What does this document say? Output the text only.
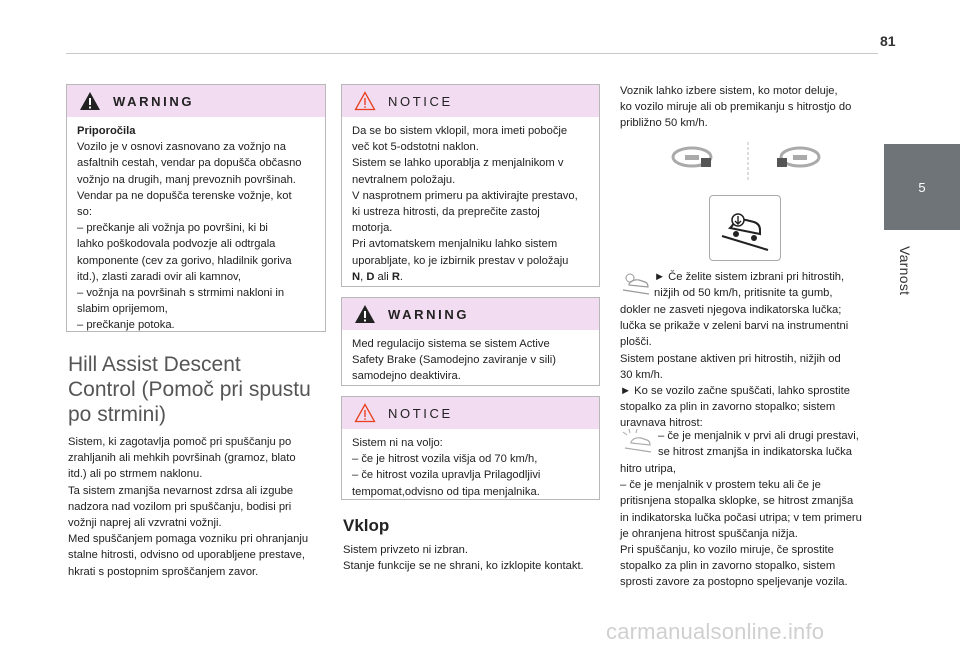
81
5
Varnost
WARNING

Priporočila

Vozilo je v osnovi zasnovano za vožnjo na

asfaltnih cestah, vendar pa dopušča občasno

vožnjo na drugih, manj prevoznih površinah.

Vendar pa ne dopušča terenske vožnje, kot

so:

– prečkanje ali vožnja po površini, ki bi

lahko poškodovala podvozje ali odtrgala

komponente (cev za gorivo, hladilnik goriva

itd.), zlasti zaradi ovir ali kamnov,

– vožnja na površinah s strmimi nakloni in

slabim oprijemom,

– prečkanje potoka.

Hill Assist Descent
Control (Pomoč pri spustu
po strmini)

Sistem, ki zagotavlja pomoč pri spuščanju po

zrahljanih ali mehkih površinah (gramoz, blato

itd.) ali po strmem naklonu.

Ta sistem zmanjša nevarnost zdrsa ali izgube

nadzora nad vozilom pri spuščanju, bodisi pri

vožnji naprej ali vzvratni vožnji.

Med spuščanjem pomaga vozniku pri ohranjanju

stalne hitrosti, odvisno od uporabljene prestave,

hkrati s postopnim sproščanjem zavor.

NOTICE

Da se bo sistem vklopil, mora imeti pobočje

več kot 5-odstotni naklon.

Sistem se lahko uporablja z menjalnikom v

nevtralnem položaju.

V nasprotnem primeru pa aktivirajte prestavo,

ki ustreza hitrosti, da preprečite zastoj

motorja.

Pri avtomatskem menjalniku lahko sistem

uporabljate, ko je izbirnik prestav v položaju

N, D ali R.

WARNING

Med regulacijo sistema se sistem Active

Safety Brake (Samodejno zaviranje v sili)

samodejno deaktivira.

NOTICE

Sistem ni na voljo:

– če je hitrost vozila višja od 70 km/h,

– če hitrost vozila upravlja Prilagodljivi

tempomat,odvisno od tipa menjalnika.

Vklop

Sistem privzeto ni izbran.

Stanje funkcije se ne shrani, ko izklopite kontakt.

Voznik lahko izbere sistem, ko motor deluje,

ko vozilo miruje ali ob premikanju s hitrostjo do

približno 50 km/h.

► Če želite sistem izbrani pri hitrostih,

nižjih od 50 km/h, pritisnite ta gumb,

dokler ne zasveti njegova indikatorska lučka;

lučka se prikaže v zeleni barvi na instrumentni

plošči.

Sistem postane aktiven pri hitrostih, nižjih od

30 km/h.

► Ko se vozilo začne spuščati, lahko sprostite

stopalko za plin in zavorno stopalko; sistem

uravnava hitrost:

– če je menjalnik v prvi ali drugi prestavi,

se hitrost zmanjša in indikatorska lučka

hitro utripa,

– če je menjalnik v prostem teku ali če je

pritisnjena stopalka sklopke, se hitrost zmanjša

in indikatorska lučka počasi utripa; v tem primeru

je ohranjena hitrost spuščanja nižja.

Pri spuščanju, ko vozilo miruje, če sprostite

stopalko za plin in zavorno stopalko, sistem

sprosti zavore za postopno speljevanje vozila.

carmanualsonline.info
